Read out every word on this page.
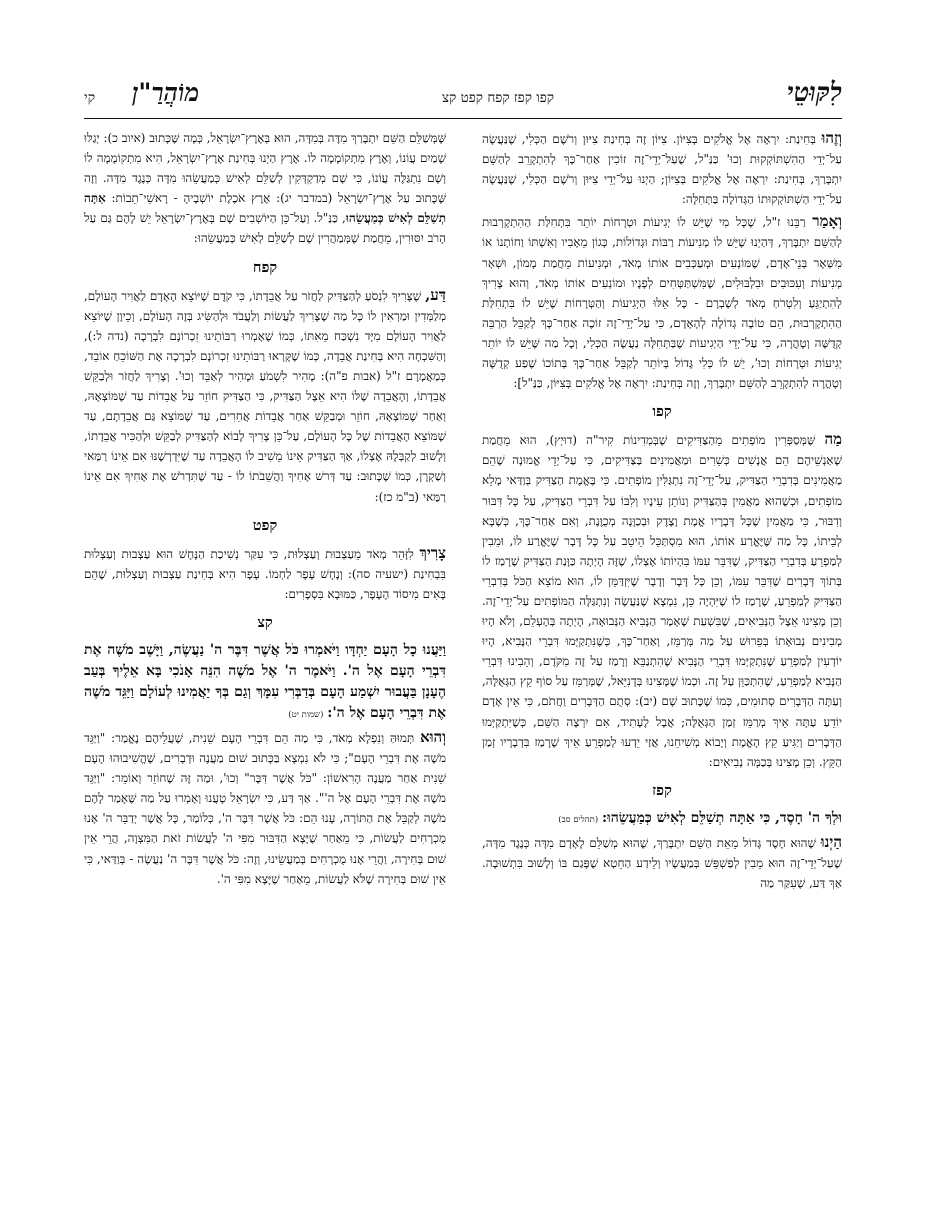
לִקּוּטֵי
קפו קפז קפח קפט קצ
מוֹהֲרַ"ן
קי

וְזֶהוּ בְּחִינַת: יִרְאֶה אֶל אֱלֹקִים בְּצִיּוֹן. צִיּוֹן זֶה בְּחִינַת צִיּוּן וְרֹשֶׁם הַכְּלִי, שֶׁנַּעֲשָׂה עַל־יְדֵי הַהִשְׁתּוֹקְקוּת וְכוּ' כַּנַּ"ל, שֶׁעַל־יְדֵי־זֶה זוֹכִין אַחַר־כָּךְ לְהִתְקָרֵב לְהַשֵּׁם יִתְבָּרַךְ, בְּחִינַת: יִרְאֶה אֶל אֱלֹקִים בְּצִיּוֹן; הַיְנוּ עַל־יְדֵי צִיּוּן וְרֹשֶׁם הַכְּלִי, שֶׁנַּעֲשָׂה עַל־יְדֵי הַשְׁתּוֹקְקוּתוֹ הַגְּדוֹלָה בַּתְּחִלָּה:

וְאָמַר רַבֵּנוּ ז"ל, שֶׁכָּל מִי שֶׁיֵּשׁ לוֹ יְגִיעוֹת וּטְרָחוֹת יוֹתֵר בִּתְחִלַּת הַהִתְקָרְבוּת לְהַשֵּׁם יִתְבָּרַךְ, דְּהַיְנוּ שֶׁיֵּשׁ לוֹ מְנִיעוֹת רַבּוֹת וּגְדוֹלוֹת, כְּגוֹן מֵאָבִיו וְאִשְׁתּוֹ וַחוֹתְנוֹ אוֹ מִשְּׁאָר בְּנֵי־אָדָם, שֶׁמּוֹנְעִים וּמְעַכְּבִים אוֹתוֹ מְאֹד, וּמְנִיעוֹת מֵחֲמַת מָמוֹן, וּשְׁאָר מְנִיעוֹת וְעִכּוּבִים וּבִלְבּוּלִים, שֶׁמִּשְׁתַּטְּחִים לְפָנָיו וּמוֹנְעִים אוֹתוֹ מְאֹד, וְהוּא צָרִיךְ לְהִתְיַגֵּעַ וְלִטְרֹחַ מְאֹד לְשָׁבְרָם - כָּל אֵלּוּ הַיְגִיעוֹת וְהַטְּרָחוֹת שֶׁיֵּשׁ לוֹ בִּתְחִלַּת הַהִתְקָרְבוּת, הֵם טוֹבָה גְדוֹלָה לְהָאָדָם, כִּי עַל־יְדֵי־זֶה זוֹכֶה אַחַר־כָּךְ לְקַבֵּל הַרְבֵּה קְדֻשָּׁה וְטָהֳרָה, כִּי עַל־יְדֵי הַיְגִיעוֹת שֶׁבַּתְּחִלָּה נַעֲשֶׂה הַכְּלִי, וְכָל מַה שֶּׁיֵּשׁ לוֹ יוֹתֵר יְגִיעוֹת וּטְרָחוֹת וְכוּ', יֵשׁ לוֹ כְּלִי גָּדוֹל בְּיוֹתֵר לְקַבֵּל אַחַר־כָּךְ בְּתוֹכוֹ שֶׁפַע קְדֻשָּׁה וְטָהֳרָה לְהִתְקָרֵב לְהַשֵּׁם יִתְבָּרַךְ, וְזֶה בְּחִינַת: יִרְאֶה אֶל אֱלֹקִים בְּצִיּוֹן, כַּנַּ"ל]:

קפו

מַה שֶּׁמְּסַפְּרִין מוֹפְתִים מֵהַצַּדִּיקִים שֶׁבְּמְדִינוֹת קִיר"ה (דוּיְץ), הוּא מֵחֲמַת שֶׁאַנְשֵׁיהֶם הֵם אֲנָשִׁים כְּשֵׁרִים וּמַאֲמִינִים בַּצַּדִּיקִים, כִּי עַל־יְדֵי אֱמוּנָה שֶׁהֵם מַאֲמִינִים בְּדִבְרֵי הַצַּדִּיק, עַל־יְדֵי־זֶה נִתְגַּלִּין מוֹפְתִים. כִּי בֶּאֱמֶת הַצַּדִּיק בְּוַדַּאי מָלֵא מוֹפְתִים, וּכְשֶׁהוּא מַאֲמִין בְּהַצַּדִּיק וְנוֹתֵן עֵינָיו וְלִבּוֹ עַל דִּבְרֵי הַצַּדִּיק, עַל כָּל דִּבּוּר וְדִבּוּר, כִּי מַאֲמִין שֶׁכָּל דְּבָרָיו אֱמֶת וָצֶדֶק וּבְכַוָּנָה מְכֻוֶּנֶת, וְאִם אַחַר־כָּךְ, כְּשֶׁבָּא לְבֵיתוֹ, כָּל מַה שֶּׁיֶּאֱרַע אוֹתוֹ, הוּא מִסְתַּכֵּל הֵיטֵב עַל כָּל דָּבָר שֶׁיֶּאֱרַע לוֹ, וּמֵבִין לְמַפְרֵעַ בְּדִבְרֵי הַצַּדִּיק, שֶׁדִּבֵּר עִמּוֹ בִּהְיוֹתוֹ אֶצְלוֹ, שֶׁזֶּה הָיְתָה כַּוָּנַת הַצַּדִּיק שֶׁרָמַז לוֹ בְּתוֹךְ דְּבָרִים שֶׁדִּבֵּר עִמּוֹ, וְכֵן כָּל דָּבָר וְדָבָר שֶׁיִּזְדַּמֵּן לוֹ, הוּא מוֹצֵא הַכֹּל בְּדִבְרֵי הַצַּדִּיק לְמַפְרֵעַ, שֶׁרָמַז לוֹ שֶׁיִּהְיֶה כֵּן, נִמְצָא שֶׁנַּעֲשָׂה וְנִתְגַּלָּה הַמּוֹפְתִים עַל־יְדֵי־זֶה. וְכֵן מָצִינוּ אֵצֶל הַנְּבִיאִים, שֶׁבִּשְׁעַת שֶׁאָמַר הַנָּבִיא הַנְּבוּאָה, הָיְתָה בְּהֶעְלֵם, וְלֹא הָיוּ מְבִינִים נְבוּאָתוֹ בְּפֵרוּשׁ עַל מַה מְּרַמֵּז, וְאַחַר־כָּךְ, כְּשֶׁנִּתְקַיְּמוּ דִּבְרֵי הַנָּבִיא, הָיוּ יוֹדְעִין לְמַפְרֵעַ שֶׁנִּתְקַיְּמוּ דִּבְרֵי הַנָּבִיא שֶׁהִתְנַבֵּא וְרָמַז עַל זֶה מִקֹּדֶם, וְהֵבִינוּ דִּבְרֵי הַנָּבִיא לְמַפְרֵעַ, שֶׁהִתְכַּוֵּן עַל זֶה. וּכְמוֹ שֶׁמָּצִינוּ בְּדָנִיֵּאל, שֶׁמְּרַמֵּז עַל סוֹף קֵץ הַגְּאֻלָּה, וְעַתָּה הַדְּבָרִים סְתוּמִים, כְּמוֹ שֶׁכָּתוּב שָׁם (יב): סְתֻם הַדְּבָרִים וַחֲתֹם, כִּי אֵין אָדָם יוֹדֵעַ עַתָּה אֵיךְ מְרַמֵּז זְמַן הַגְּאֻלָּה; אֲבָל לֶעָתִיד, אִם יִרְצֶה הַשֵּׁם, כְּשֶׁיִּתְקַיְּמוּ הַדְּבָרִים וְיַגִּיעַ קֵץ הָאֱמֶת וְיָבוֹא מְשִׁיחֵנוּ, אֲזַי יֵדְעוּ לְמַפְרֵעַ אֵיךְ שֶׁרָמַז בִּדְבָרָיו זְמַן הַקֵּץ. וְכֵן מָצִינוּ בְּכַמָּה נְבִיאִים:

קפז

וּלְךָ ה' חָסֶד, כִּי אַתָּה תְשַׁלֵּם לְאִישׁ כְּמַעֲשֵׂהוּ: (תהלים סב)

הַיְנוּ שֶׁהוּא חֶסֶד גָּדוֹל מֵאֵת הַשֵּׁם יִתְבָּרַךְ, שֶׁהוּא מְשַׁלֵּם לָאָדָם מִדָּה כְּנֶגֶד מִדָּה, שֶׁעַל־יְדֵי־זֶה הוּא מֵבִין לְפַשְׁפֵּשׁ בְּמַעֲשָׂיו וְלֵידַע הַחֵטְא שֶׁפָּגַם בּוֹ וְלָשׁוּב בִּתְשׁוּבָה. אַךְ דַּע, שֶׁעִקַּר מַה

שֶּׁמְּשַׁלֵּם הַשֵּׁם יִתְבָּרַךְ מִדָּה בְּמִדָּה, הוּא בְּאֶרֶץ־יִשְׂרָאֵל, כְּמָה שֶּׁכָּתוּב (איוב כ): יְגַלּוּ שָׁמַיִם עֲוֹנוֹ, וְאֶרֶץ מִתְקוֹמָמָה לוֹ. אֶרֶץ הַיְנוּ בְּחִינַת אֶרֶץ־יִשְׂרָאֵל, הִיא מִתְקוֹמָמָה לוֹ וְשָׁם נִתְגַּלֶּה עֲוֹנוֹ, כִּי שָׁם מְדַקְדְּקִין לְשַׁלֵּם לְאִישׁ כְּמַעֲשֵׂהוּ מִדָּה כְּנֶגֶד מִדָּה. וְזֶה שֶּׁכָּתוּב עַל אֶרֶץ־יִשְׂרָאֵל (במדבר יג): אֶרֶץ אֹכֶלֶת יוֹשְׁבֶיהָ - רָאשֵׁי־תֵבוֹת: אַתָּה תְשַׁלֵּם לְאִישׁ כְּמַעֲשֵׂהוּ, כַּנַּ"ל. וְעַל־כֵּן הַיּוֹשְׁבִים שָׁם בְּאֶרֶץ־יִשְׂרָאֵל יֵשׁ לָהֶם גַּם עַל הָרֹב יִסּוּרִין, מֵחֲמַת שֶׁמְּמַהֲרִין שָׁם לְשַׁלֵּם לְאִישׁ כְּמַעֲשֵׂהוּ:

קפח

דַּע, שֶׁצָּרִיךְ לִנְסֹעַ לְהַצַּדִּיק לַחֲזֹר עַל אֲבֵדָתוֹ, כִּי קֹדֶם שֶׁיּוֹצֵא הָאָדָם לַאֲוִיר הָעוֹלָם, מְלַמְּדִין וּמַרְאִין לוֹ כָּל מַה שֶׁצָּרִיךְ לַעֲשׂוֹת וְלַעֲבֹד וּלְהַשִּׂיג בְּזֶה הָעוֹלָם, וְכֵיוָן שֶׁיּוֹצֵא לַאֲוִיר הָעוֹלָם מִיָּד נִשְׁכַּח מֵאִתּוֹ, כְּמוֹ שֶׁאָמְרוּ רַבּוֹתֵינוּ זִכְרוֹנָם לִבְרָכָה (נדה ל:), וְהַשִּׁכְחָה הִיא בְּחִינַת אֲבֵדָה, כְּמוֹ שֶׁקָּרְאוּ רַבּוֹתֵינוּ זִכְרוֹנָם לִבְרָכָה אֶת הַשּׁוֹכֵחַ אוֹבֵד, כְּמַאֲמָרָם ז"ל (אבות פ"ה): מָהִיר לִשְׁמֹעַ וּמָהִיר לְאַבֵּד וְכוּ'. וְצָרִיךְ לַחֲזֹר וּלְבַקֵּשׁ אֲבֵדָתוֹ, וְהָאֲבֵדָה שֶׁלּוֹ הִיא אֵצֶל הַצַּדִּיק, כִּי הַצַּדִּיק חוֹזֵר עַל אֲבֵדוֹת עַד שֶׁמּוֹצְאָהּ, וְאַחַר שֶׁמּוֹצְאָהּ, חוֹזֵר וּמְבַקֵּשׁ אַחַר אֲבֵדוֹת אֲחֵרִים, עַד שֶׁמּוֹצֵא גַּם אֲבֵדָתָם, עַד שֶׁמּוֹצֵא הָאֲבֵדוֹת שֶׁל כָּל הָעוֹלָם, עַל־כֵּן צָרִיךְ לָבוֹא לְהַצַּדִּיק לְבַקֵּשׁ וּלְהַכִּיר אֲבֵדָתוֹ, וְלָשׁוּב לְקַבְּלָהּ אֶצְלוֹ, אַךְ הַצַּדִּיק אֵינוֹ מֵשִׁיב לוֹ הָאֲבֵדָה עַד שֶׁיִּדְרְשֶׁנּוּ אִם אֵינוֹ רַמַּאי וְשַׁקְרָן, כְּמוֹ שֶׁכָּתוּב: עַד דְּרשׁ אָחִיךָ וַהֲשֵׁבֹתוֹ לוֹ - עַד שֶׁתִּדְרֹשׁ אֶת אָחִיךָ אִם אֵינוֹ רַמַּאי (ב"מ כז):

קפט

צָרִיךְ לִזָּהֵר מְאֹד מֵעַצְבוּת וְעַצְלוּת, כִּי עִקַּר נְשִׁיכַת הַנָּחָשׁ הוּא עַצְבוּת וְעַצְלוּת בִּבְחִינַת (ישעיה סה): וְנָחָשׁ עָפָר לַחְמוֹ. עָפָר הִיא בְּחִינַת עַצְבוּת וְעַצְלוּת, שֶׁהֵם בָּאִים מִיסוֹד הֶעָפָר, כַּמּוּבָא בִּסְפָרִים:

קצ

וַיַּעֲנוּ כָל הָעָם יַחְדָּו וַיֹּאמְרוּ כֹּל אֲשֶׁר דִּבֶּר ה' נַעֲשֶׂה, וַיָּשֶׁב מֹשֶׁה אֶת דִּבְרֵי הָעָם אֶל ה'. וַיֹּאמֶר ה' אֶל מֹשֶׁה הִנֵּה אָנֹכִי בָּא אֵלֶיךָ בְּעַב הֶעָנָן בַּעֲבוּר יִשְׁמַע הָעָם בְּדַבְּרִי עִמָּךְ וְגַם בְּךָ יַאֲמִינוּ לְעוֹלָם וַיַּגֵּד מֹשֶׁה אֶת דִּבְרֵי הָעָם אֶל ה': (שמות יט)

וְהוּא תְּמוּהַּ וְנִפְלָא מְאֹד, כִּי מַה הֵם דִּבְרֵי הָעָם שֵׁנִית, שֶׁעֲלֵיהֶם נֶאֱמַר: "וַיַּגֵּד מֹשֶׁה אֶת דִּבְרֵי הָעָם"; כִּי לֹא נִמְצָא בַּכָּתוּב שׁוּם מַעֲנֶה וּדְבָרִים, שֶׁהֱשִׁיבוּהוּ הָעָם שֵׁנִית אַחַר מַעֲנֶה הָרִאשׁוֹן: "כֹּל אֲשֶׁר דִּבֶּר" וְכוּ', וּמַה זֶּה שֶׁחוֹזֵר וְאוֹמֵר: "וַיַּגֵּד מֹשֶׁה אֶת דִּבְרֵי הָעָם אֶל ה'". אַךְ דַּע, כִּי יִשְׂרָאֵל טָעֲנוּ וְאָמְרוּ עַל מַה שֶּׁאָמַר לָהֶם מֹשֶׁה לְקַבֵּל אֶת הַתּוֹרָה, עָנוּ הֵם: כֹּל אֲשֶׁר דִּבֶּר ה', כְּלוֹמַר, כָּל אֲשֶׁר יְדַבֵּר ה' אָנוּ מֻכְרָחִים לַעֲשׂוֹת, כִּי מֵאַחַר שֶׁיָּצָא הַדִּבּוּר מִפִּי ה' לַעֲשׂוֹת זֹאת הַמִּצְוָה, הֲרֵי אֵין שׁוּם בְּחִירָה, וַהֲרֵי אָנוּ מֻכְרָחִים בְּמַעֲשֵׂינוּ, וְזֶה: כֹּל אֲשֶׁר דִּבֶּר ה' נַעֲשֶׂה - בְּוַדַּאי, כִּי אֵין שׁוּם בְּחִירָה שֶׁלֹּא לַעֲשׂוֹת, מֵאַחַר שֶׁיָּצָא מִפִּי ה'.
